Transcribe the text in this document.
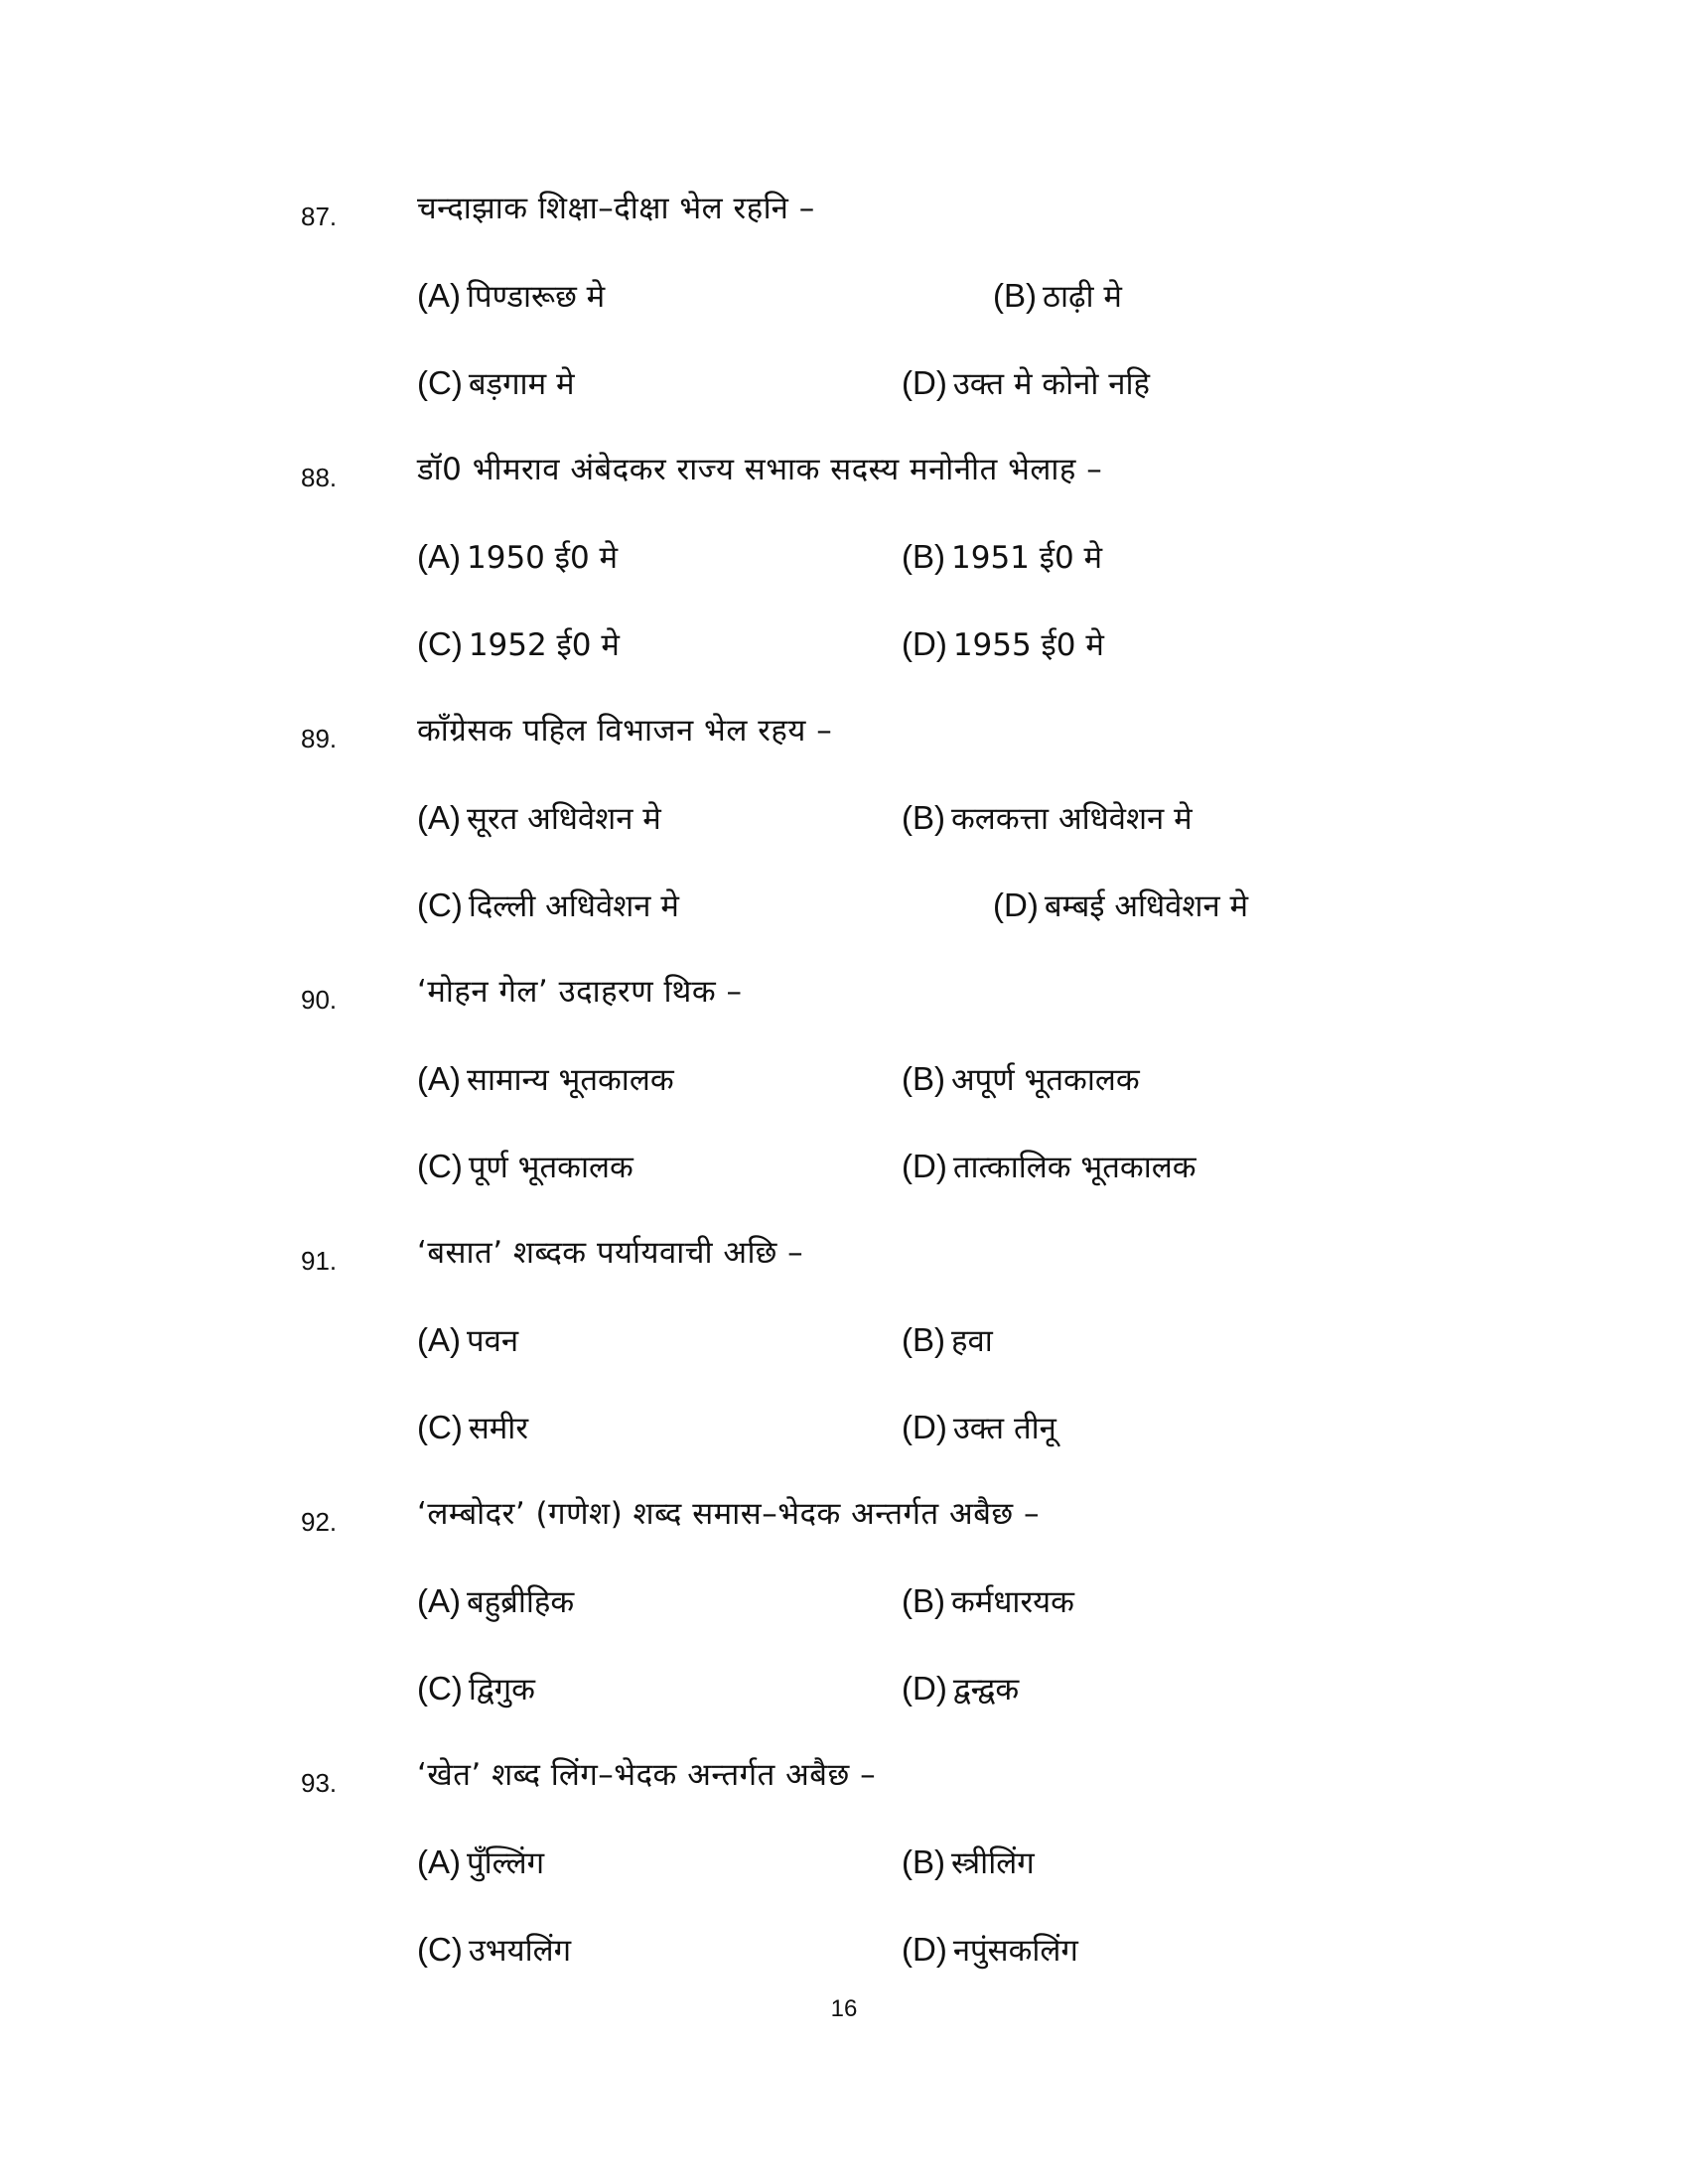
87.	चन्दाझाक शिक्षा–दीक्षा भेल रहनि –
(A) पिण्डारूछ मे	(B) ठाढ़ी मे
(C) बड़गाम मे	(D) उक्त मे कोनो नहि
88.	डॉ0 भीमराव अंबेदकर राज्य सभाक सदस्य मनोनीत भेलाह –
(A) 1950 ई0 मे	(B) 1951 ई0 मे
(C) 1952 ई0 मे	(D) 1955 ई0 मे
89.	काँग्रेसक पहिल विभाजन भेल रहय –
(A) सूरत अधिवेशन मे	(B) कलकत्ता अधिवेशन मे
(C) दिल्ली अधिवेशन मे	(D) बम्बई अधिवेशन मे
90.	‘मोहन गेल’ उदाहरण थिक –
(A) सामान्य भूतकालक	(B) अपूर्ण भूतकालक
(C) पूर्ण भूतकालक	(D) तात्कालिक भूतकालक
91.	‘बसात’ शब्दक पर्यायवाची अछि –
(A) पवन	(B) हवा
(C) समीर	(D) उक्त तीनू
92.	‘लम्बोदर’ (गणेश) शब्द समास–भेदक अन्तर्गत अबैछ –
(A) बहुब्रीहिक	(B) कर्मधारयक
(C) द्विगुक	(D) द्वन्द्वक
93.	‘खेत’ शब्द लिंग–भेदक अन्तर्गत अबैछ –
(A) पुँल्लिंग	(B) स्त्रीलिंग
(C) उभयलिंग	(D) नपुंसकलिंग
16
